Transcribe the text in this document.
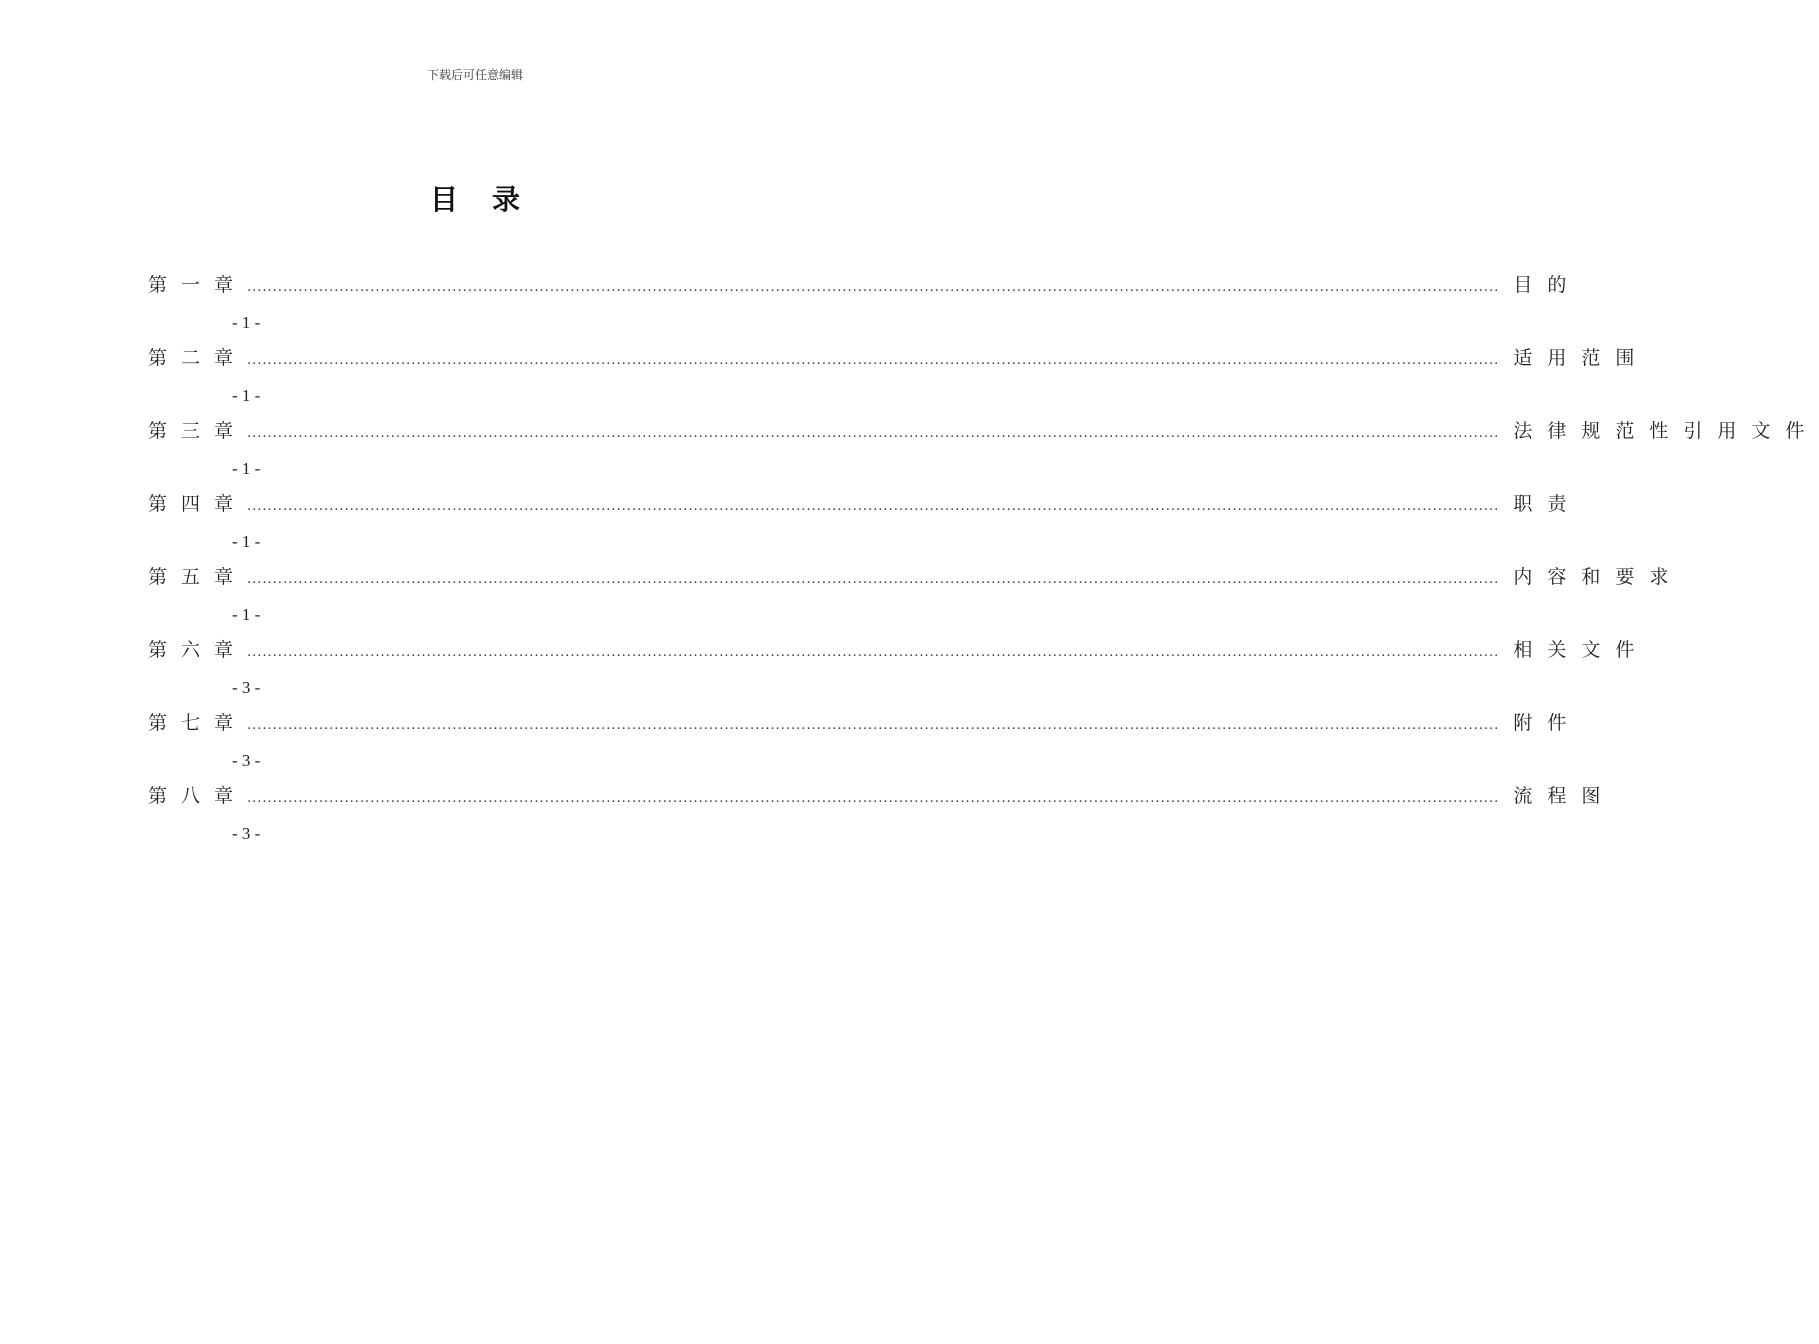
下载后可任意编辑
目录
第一章 .................................................................................................................................................................................................................................................... 目的
- 1 -
第二章 .................................................................................................................................................................................................................................................... 适用范围
- 1 -
第三章 .................................................................................................................................................................................................................................................... 法律规范性引用文件
- 1 -
第四章 .................................................................................................................................................................................................................................................... 职责
- 1 -
第五章 .................................................................................................................................................................................................................................................... 内容和要求
- 1 -
第六章 .................................................................................................................................................................................................................................................... 相关文件
- 3 -
第七章 .................................................................................................................................................................................................................................................... 附件
- 3 -
第八章 .................................................................................................................................................................................................................................................... 流程图
- 3 -
